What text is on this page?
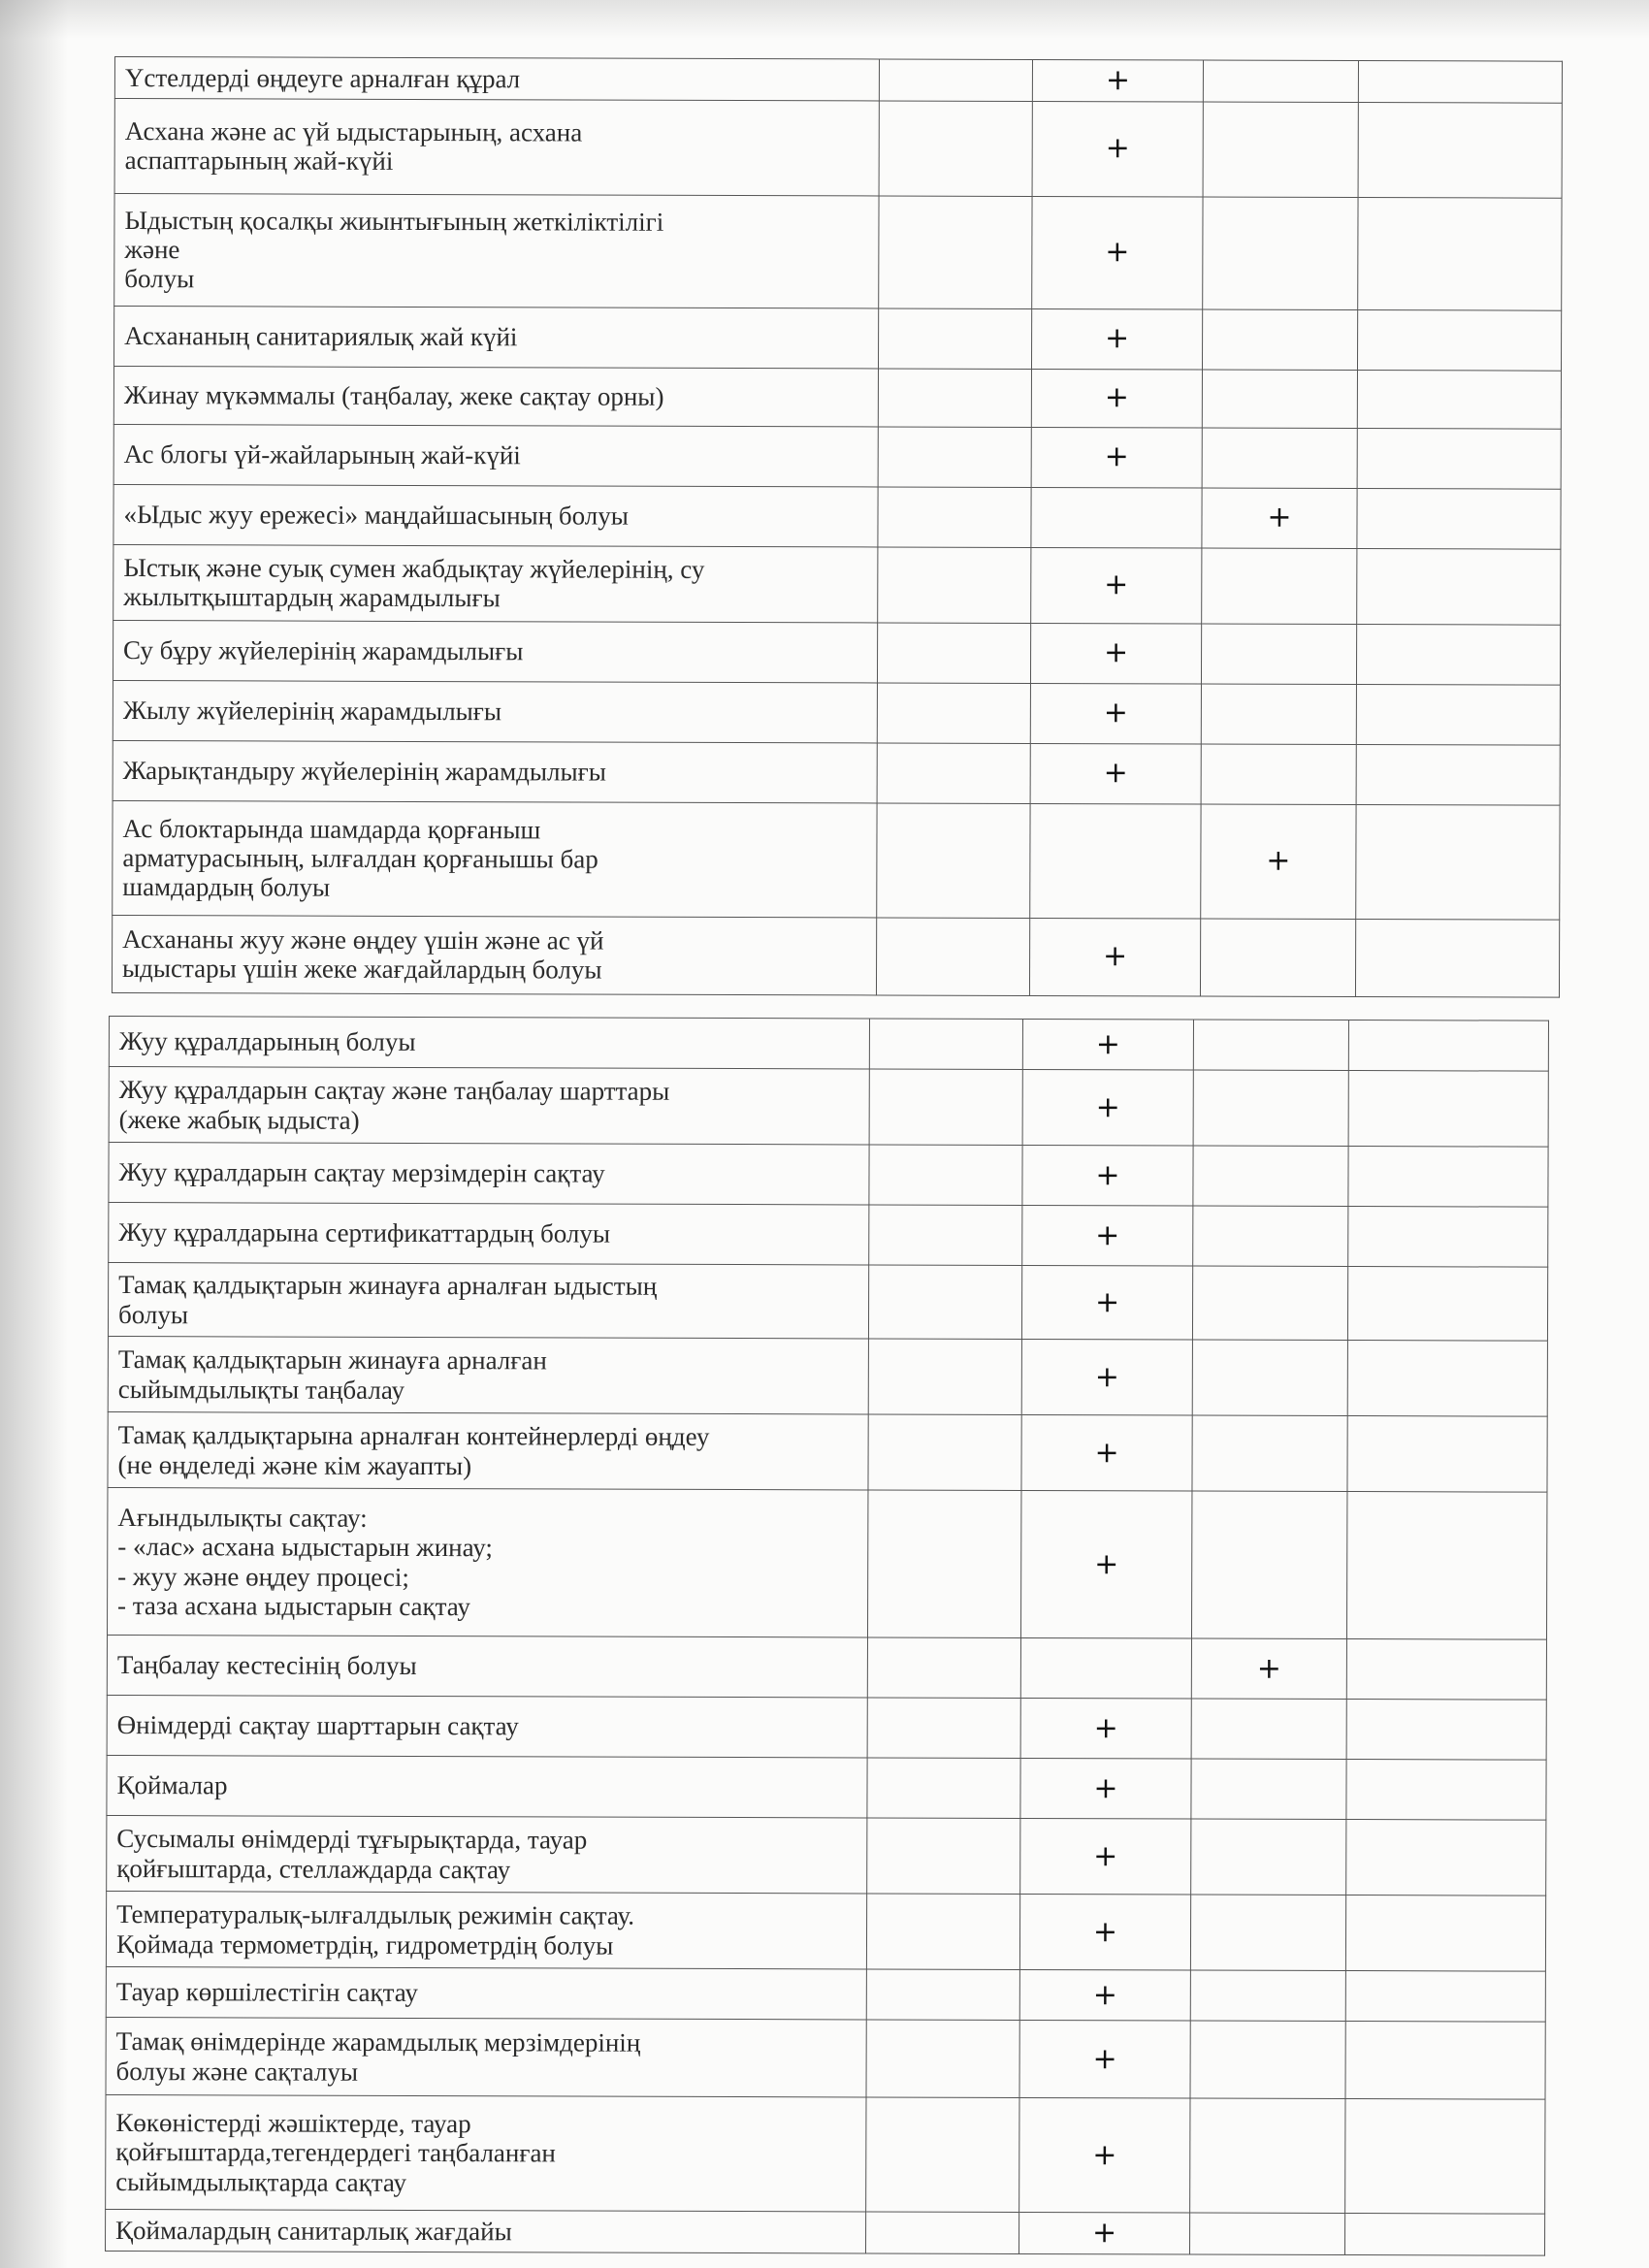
Үстелдерді өңдеуге арналған құрал		+		

Асхана және ас үй ыдыстарының, асхана
аспаптарының жай-күйі		+		

Ыдыстың қосалқы жиынтығының жеткіліктілігі
және
болуы		+		

Асхананың санитариялық жай күйі		+		

Жинау мүкәммалы (таңбалау, жеке сақтау орны)		+		

Ас блогы үй-жайларының жай-күйі		+		

«Ыдыс жуу ережесі» маңдайшасының болуы			+	

Ыстық және суық сумен жабдықтау жүйелерінің, су
жылытқыштардың жарамдылығы		+		

Су бұру жүйелерінің жарамдылығы		+		

Жылу жүйелерінің жарамдылығы		+		

Жарықтандыру жүйелерінің жарамдылығы		+		

Ас блоктарында шамдарда қорғаныш
арматурасының, ылғалдан қорғанышы бар
шамдардың болуы			+	

Асхананы жуу және өңдеу үшін және ас үй
ыдыстары үшін жеке жағдайлардың болуы		+		
Жуу құралдарының болуы		+		

Жуу құралдарын сақтау және таңбалау шарттары
(жеке жабық ыдыста)		+		

Жуу құралдарын сақтау мерзімдерін сақтау		+		

Жуу құралдарына сертификаттардың болуы		+		

Тамақ қалдықтарын жинауға арналған ыдыстың
болуы		+		

Тамақ қалдықтарын жинауға арналған
сыйымдылықты таңбалау		+		

Тамақ қалдықтарына арналған контейнерлерді өңдеу
(не өңделеді және кім жауапты)		+		

Ағындылықты сақтау:
- «лас» асхана ыдыстарын жинау;
- жуу және өңдеу процесі;
- таза асхана ыдыстарын сақтау		+		

Таңбалау кестесінің болуы			+	

Өнімдерді сақтау шарттарын сақтау		+		

Қоймалар		+		

Сусымалы өнімдерді тұғырықтарда, тауар
қойғыштарда, стеллаждарда сақтау		+		

Температуралық-ылғалдылық режимін сақтау.
Қоймада термометрдің, гидрометрдің болуы		+		

Тауар көршілестігін сақтау		+		

Тамақ өнімдерінде жарамдылық мерзімдерінің
болуы және сақталуы		+		

Көкөністерді жәшіктерде, тауар
қойғыштарда,тегендердегі таңбаланған
сыйымдылықтарда сақтау		+		

Қоймалардың санитарлық жағдайы		+		
